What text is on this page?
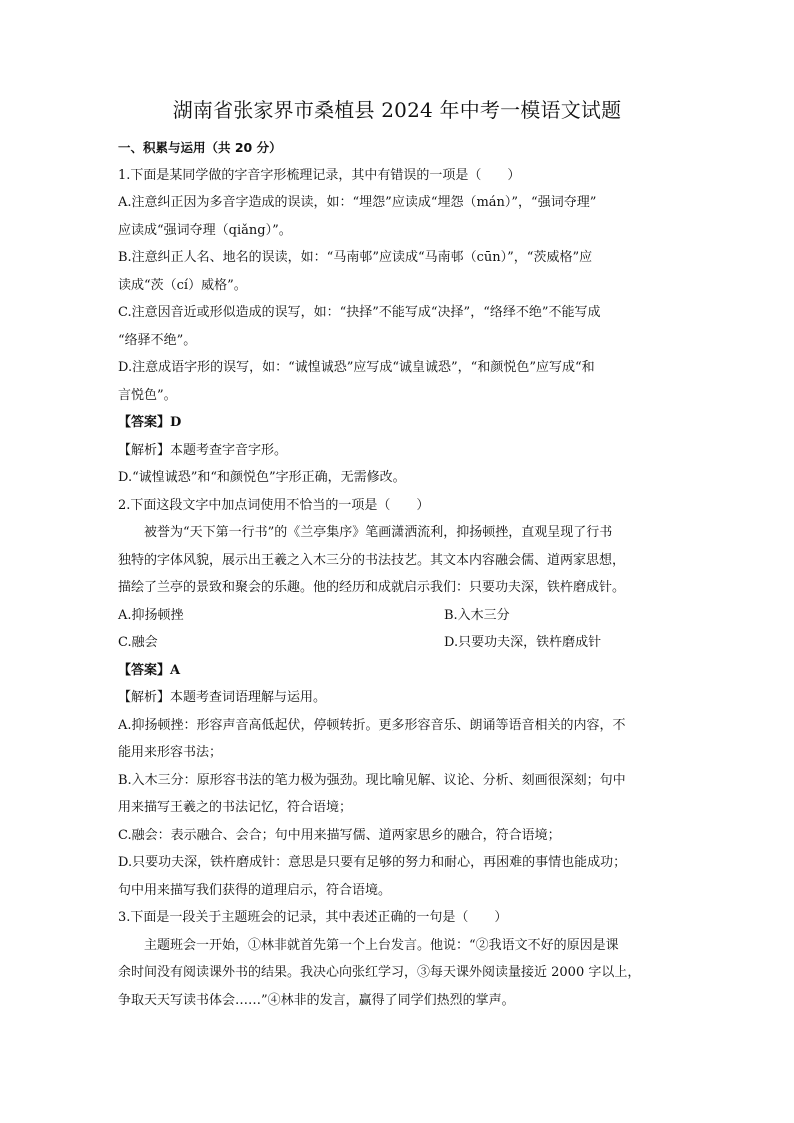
湖南省张家界市桑植县 2024 年中考一模语文试题
一、积累与运用（共 20 分）
1.下面是某同学做的字音字形梳理记录，其中有错误的一项是（　　）
A.注意纠正因为多音字造成的误读，如：“埋怨”应读成“埋怨（mán）”，“强词夺理”
应读成“强词夺理（qiǎng）”。
B.注意纠正人名、地名的误读，如：“马南邨”应读成“马南邨（cūn）”，“茨威格”应
读成“茨（cí）威格”。
C.注意因音近或形似造成的误写，如：“抉择”不能写成“决择”，“络绎不绝”不能写成
“络驿不绝”。
D.注意成语字形的误写，如：“诚惶诚恐”应写成“诚皇诚恐”，“和颜悦色”应写成“和
言悦色”。
【答案】D
【解析】本题考查字音字形。
D.“诚惶诚恐”和“和颜悦色”字形正确，无需修改。
2.下面这段文字中加点词使用不恰当的一项是（　　）
被誉为“天下第一行书”的《兰亭集序》笔画潇洒流利，抑扬顿挫，直观呈现了行书
独特的字体风貌，展示出王羲之入木三分的书法技艺。其文本内容融会儒、道两家思想，
描绘了兰亭的景致和聚会的乐趣。他的经历和成就启示我们：只要功夫深，铁杵磨成针。
A.抑扬顿挫	B.入木三分
C.融会	D.只要功夫深，铁杵磨成针
【答案】A
【解析】本题考查词语理解与运用。
A.抑扬顿挫：形容声音高低起伏，停顿转折。更多形容音乐、朗诵等语音相关的内容，不
能用来形容书法；
B.入木三分：原形容书法的笔力极为强劲。现比喻见解、议论、分析、刻画很深刻；句中
用来描写王羲之的书法记忆，符合语境；
C.融会：表示融合、会合；句中用来描写儒、道两家思乡的融合，符合语境；
D.只要功夫深，铁杵磨成针：意思是只要有足够的努力和耐心，再困难的事情也能成功；
句中用来描写我们获得的道理启示，符合语境。
3.下面是一段关于主题班会的记录，其中表述正确的一句是（　　）
主题班会一开始，①林非就首先第一个上台发言。他说：“②我语文不好的原因是课
余时间没有阅读课外书的结果。我决心向张红学习，③每天课外阅读量接近 2000 字以上，
争取天天写读书体会……”④林非的发言，赢得了同学们热烈的掌声。
